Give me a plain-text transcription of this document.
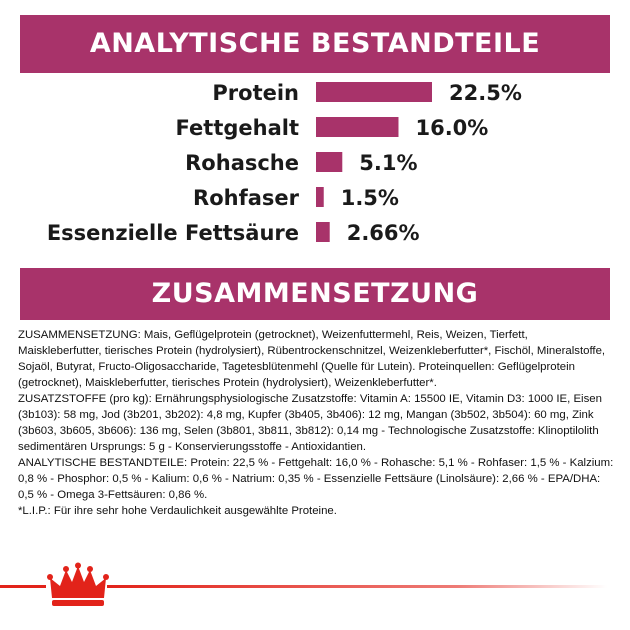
ANALYTISCHE BESTANDTEILE
Protein
Fettgehalt
Rohasche
Rohfaser
Essenzielle Fettsäure
22.5%
16.0%
5.1%
1.5%
2.66%
ZUSAMMENSETZUNG

ZUSAMMENSETZUNG: Mais, Geflügelprotein (getrocknet), Weizenfuttermehl, Reis, Weizen, Tierfett, Maiskleberfutter, tierisches Protein (hydrolysiert), Rübentrockenschnitzel, Weizenkleberfutter*, Fischöl, Mineralstoffe, Sojaöl, Butyrat, Fructo-Oligosaccharide, Tagetesblütenmehl (Quelle für Lutein). Proteinquellen: Geflügelprotein (getrocknet), Maiskleberfutter, tierisches Protein (hydrolysiert), Weizenkleberfutter*.

ZUSATZSTOFFE (pro kg): Ernährungsphysiologische Zusatzstoffe: Vitamin A: 15500 IE, Vitamin D3: 1000 IE, Eisen (3b103): 58 mg, Jod (3b201, 3b202): 4,8 mg, Kupfer (3b405, 3b406): 12 mg, Mangan (3b502, 3b504): 60 mg, Zink (3b603, 3b605, 3b606): 136 mg, Selen (3b801, 3b811, 3b812): 0,14 mg - Technologische Zusatzstoffe: Klinoptilolith sedimentären Ursprungs: 5 g - Konservierungsstoffe - Antioxidantien.

ANALYTISCHE BESTANDTEILE: Protein: 22,5 % - Fettgehalt: 16,0 % - Rohasche: 5,1 % - Rohfaser: 1,5 % - Kalzium: 0,8 % - Phosphor: 0,5 % - Kalium: 0,6 % - Natrium: 0,35 % - Essenzielle Fettsäure (Linolsäure): 2,66 % - EPA/DHA: 0,5 % - Omega 3-Fettsäuren: 0,86 %.

*L.I.P.: Für ihre sehr hohe Verdaulichkeit ausgewählte Proteine.
